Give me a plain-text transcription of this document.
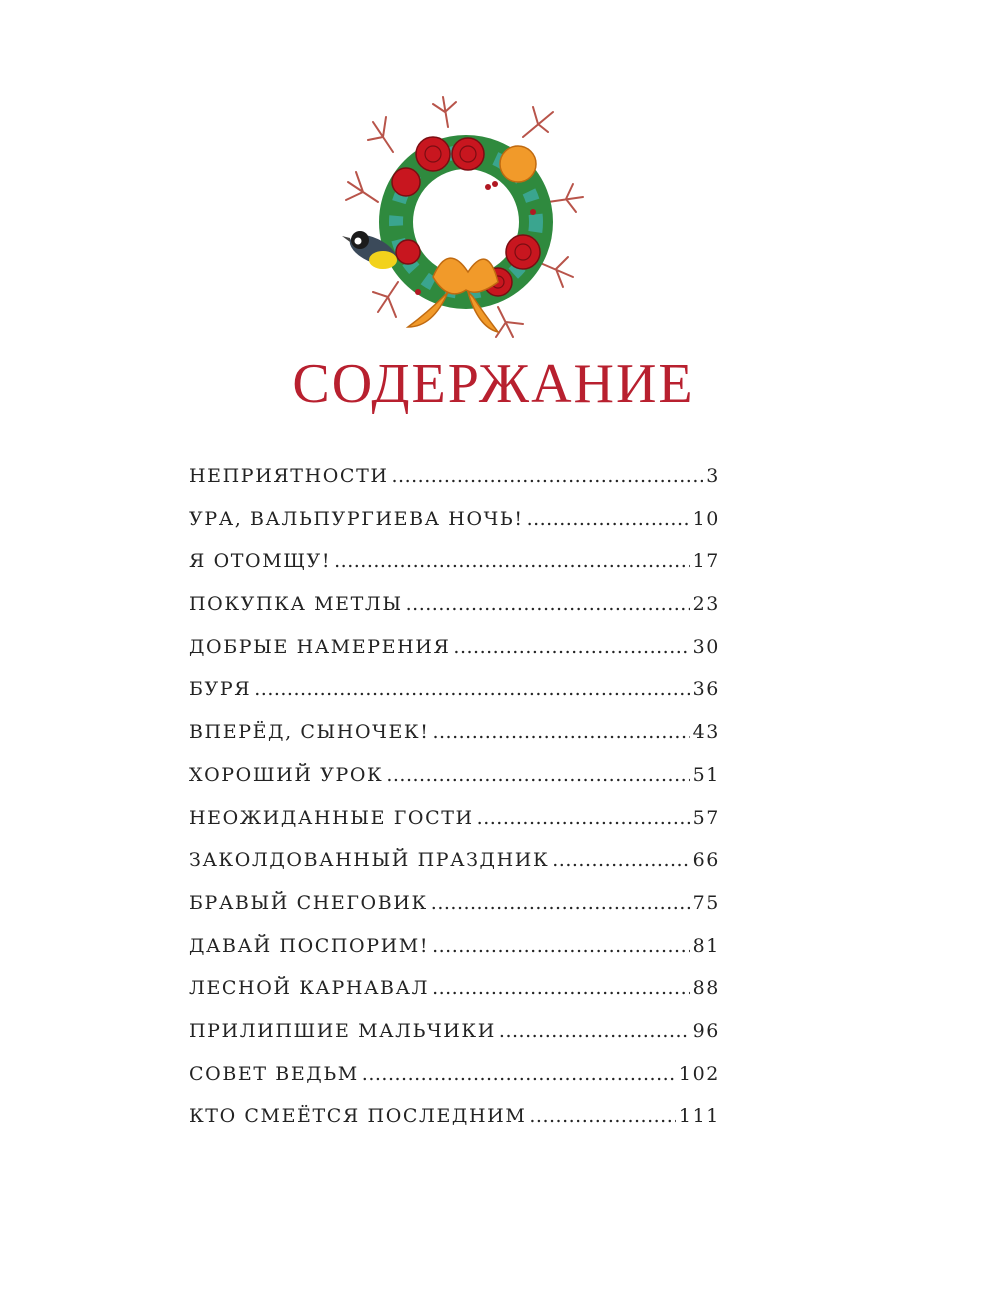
СОДЕРЖАНИЕ
НЕПРИЯТНОСТИ .....	3
УРА, ВАЛЬПУРГИЕВА НОЧЬ! .....	10
Я ОТОМЩУ! .....	17
ПОКУПКА МЕТЛЫ .....	23
ДОБРЫЕ НАМЕРЕНИЯ .....	30
БУРЯ .....	36
ВПЕРЁД, СЫНОЧЕК! .....	43
ХОРОШИЙ УРОК .....	51
НЕОЖИДАННЫЕ ГОСТИ .....	57
ЗАКОЛДОВАННЫЙ ПРАЗДНИК .....	66
БРАВЫЙ СНЕГОВИК .....	75
ДАВАЙ ПОСПОРИМ! .....	81
ЛЕСНОЙ КАРНАВАЛ .....	88
ПРИЛИПШИЕ МАЛЬЧИКИ .....	96
СОВЕТ ВЕДЬМ .....	102
КТО СМЕЁТСЯ ПОСЛЕДНИМ .....	111
